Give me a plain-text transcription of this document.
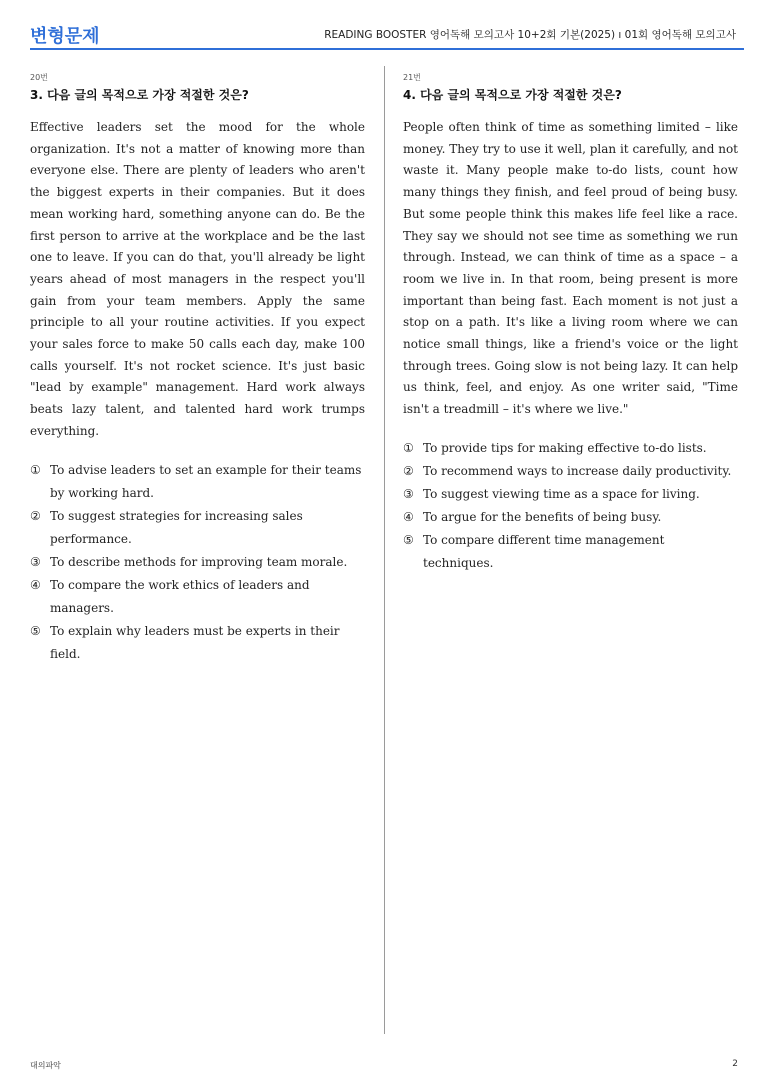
변형문제	READING BOOSTER 영어독해 모의고사 10+2회 기본(2025) ı 01회 영어독해 모의고사
20번
3. 다음 글의 목적으로 가장 적절한 것은?

Effective leaders set the mood for the whole organization. It's not a matter of knowing more than everyone else. There are plenty of leaders who aren't the biggest experts in their companies. But it does mean working hard, something anyone can do. Be the first person to arrive at the workplace and be the last one to leave. If you can do that, you'll already be light years ahead of most managers in the respect you'll gain from your team members. Apply the same principle to all your routine activities. If you expect your sales force to make 50 calls each day, make 100 calls yourself. It's not rocket science. It's just basic "lead by example" management. Hard work always beats lazy talent, and talented hard work trumps everything.

① To advise leaders to set an example for their teams by working hard.
② To suggest strategies for increasing sales performance.
③ To describe methods for improving team morale.
④ To compare the work ethics of leaders and managers.
⑤ To explain why leaders must be experts in their field.
21번
4. 다음 글의 목적으로 가장 적절한 것은?

People often think of time as something limited – like money. They try to use it well, plan it carefully, and not waste it. Many people make to-do lists, count how many things they finish, and feel proud of being busy. But some people think this makes life feel like a race. They say we should not see time as something we run through. Instead, we can think of time as a space – a room we live in. In that room, being present is more important than being fast. Each moment is not just a stop on a path. It's like a living room where we can notice small things, like a friend's voice or the light through trees. Going slow is not being lazy. It can help us think, feel, and enjoy. As one writer said, "Time isn't a treadmill – it's where we live."

① To provide tips for making effective to-do lists.
② To recommend ways to increase daily productivity.
③ To suggest viewing time as a space for living.
④ To argue for the benefits of being busy.
⑤ To compare different time management techniques.
대의파악	2
